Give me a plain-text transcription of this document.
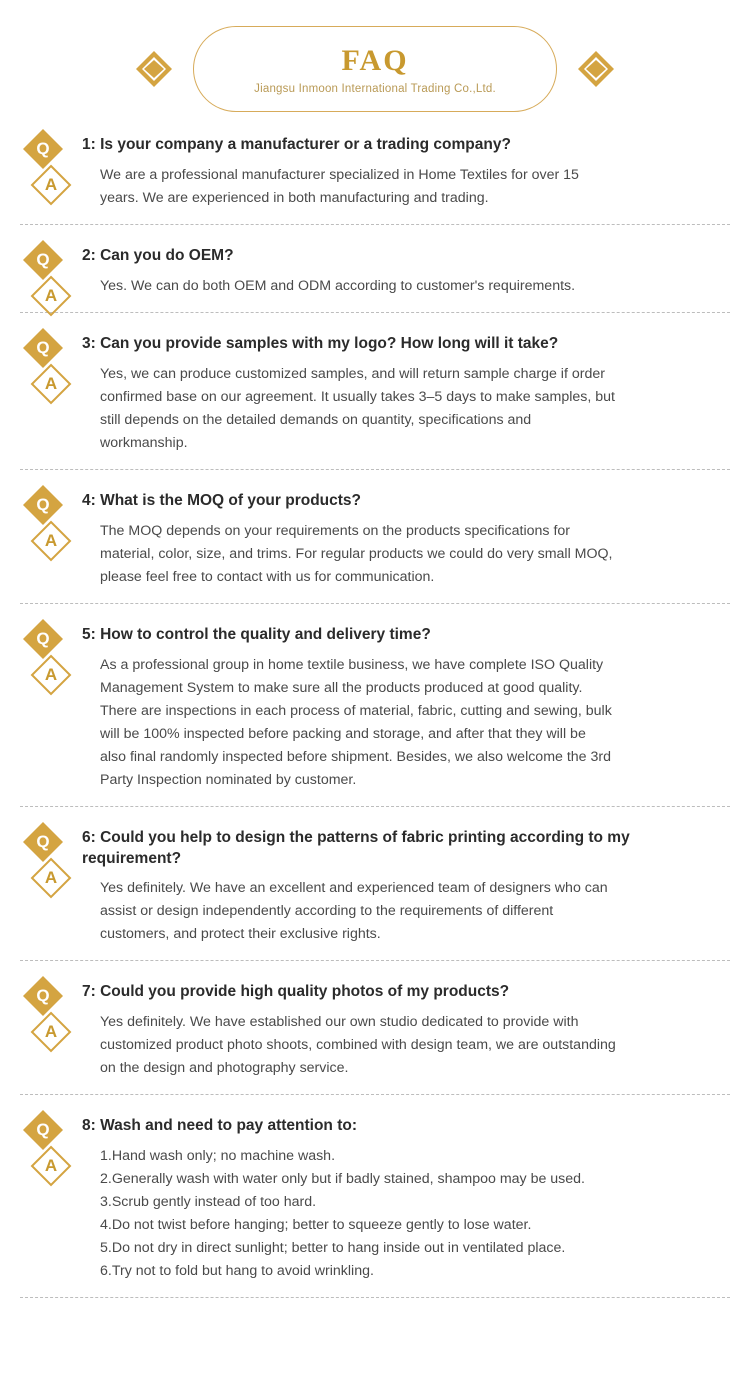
FAQ
Jiangsu Inmoon International Trading Co.,Ltd.
Q
A
1: Is your company a manufacturer or a trading company?
We are a professional manufacturer specialized in Home Textiles for over 15
years. We are experienced in both manufacturing and trading.
Q
A
2: Can you do OEM?
Yes. We can do both OEM and ODM according to customer's requirements.
Q
A
3: Can you provide samples with my logo? How long will it take?
Yes, we can produce customized samples, and will return sample charge if order
confirmed base on our agreement. It usually takes 3–5 days to make samples, but
still depends on the detailed demands on quantity, specifications and
workmanship.
Q
A
4: What is the MOQ of your products?
The MOQ depends on your requirements on the products specifications for
material, color, size, and trims. For regular products we could do very small MOQ,
please feel free to contact with us for communication.
Q
A
5: How to control the quality and delivery time?
As a professional group in home textile business, we have complete ISO Quality
Management System to make sure all the products produced at good quality.
There are inspections in each process of material, fabric, cutting and sewing, bulk
will be 100% inspected before packing and storage, and after that they will be
also final randomly inspected before shipment. Besides, we also welcome the 3rd
Party Inspection nominated by customer.
Q
A
6: Could you help to design the patterns of fabric printing according to my requirement?
Yes definitely. We have an excellent and experienced team of designers who can
assist or design independently according to the requirements of different
customers, and protect their exclusive rights.
Q
A
7: Could you provide high quality photos of my products?
Yes definitely. We have established our own studio dedicated to provide with
customized product photo shoots, combined with design team, we are outstanding
on the design and photography service.
Q
A
8: Wash and need to pay attention to:
1.Hand wash only; no machine wash.
2.Generally wash with water only but if badly stained, shampoo may be used.
3.Scrub gently instead of too hard.
4.Do not twist before hanging; better to squeeze gently to lose water.
5.Do not dry in direct sunlight; better to hang inside out in ventilated place.
6.Try not to fold but hang to avoid wrinkling.
